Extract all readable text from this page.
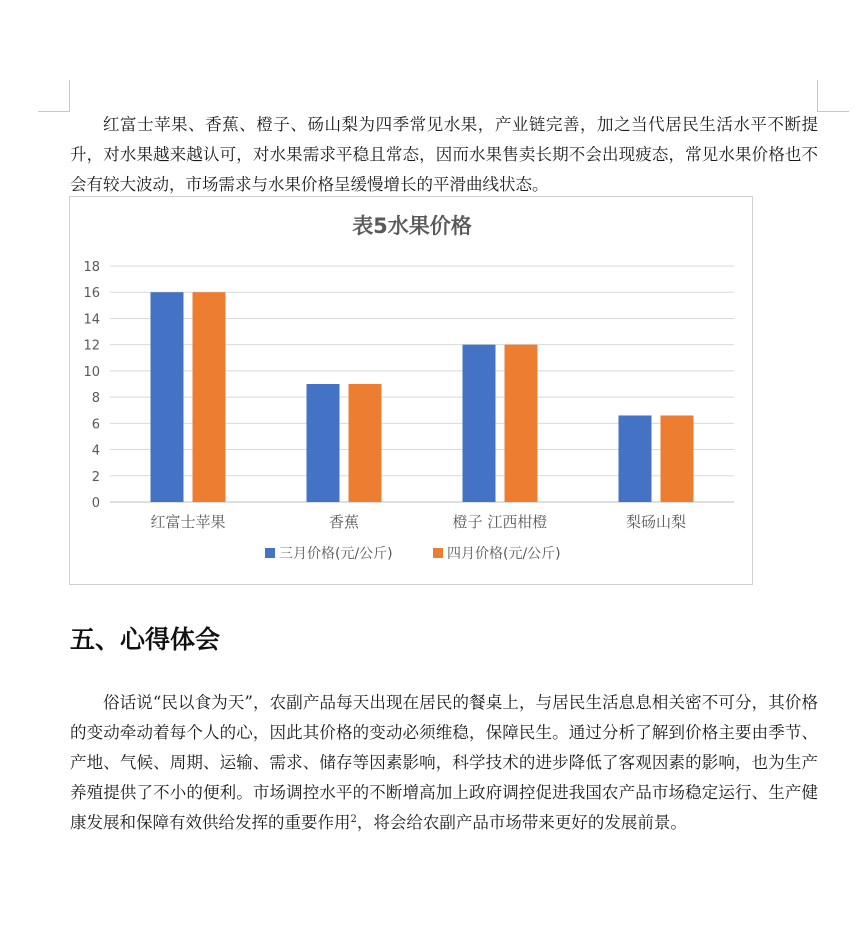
红富士苹果、香蕉、橙子、砀山梨为四季常见水果，产业链完善，加之当代居民生活水平不断提升，对水果越来越认可，对水果需求平稳且常态，因而水果售卖长期不会出现疲态，常见水果价格也不会有较大波动，市场需求与水果价格呈缓慢增长的平滑曲线状态。

表5水果价格
0
2
4
6
8
10
12
14
16
18
红富士苹果	香蕉	橙子 江西柑橙	梨砀山梨
三月价格(元/公斤)	四月价格(元/公斤)
五、心得体会

俗话说“民以食为天”，农副产品每天出现在居民的餐桌上，与居民生活息息相关密不可分，其价格的变动牵动着每个人的心，因此其价格的变动必须维稳，保障民生。通过分析了解到价格主要由季节、产地、气候、周期、运输、需求、储存等因素影响，科学技术的进步降低了客观因素的影响，也为生产养殖提供了不小的便利。市场调控水平的不断增高加上政府调控促进我国农产品市场稳定运行、生产健康发展和保障有效供给发挥的重要作用$^2$，将会给农副产品市场带来更好的发展前景。
